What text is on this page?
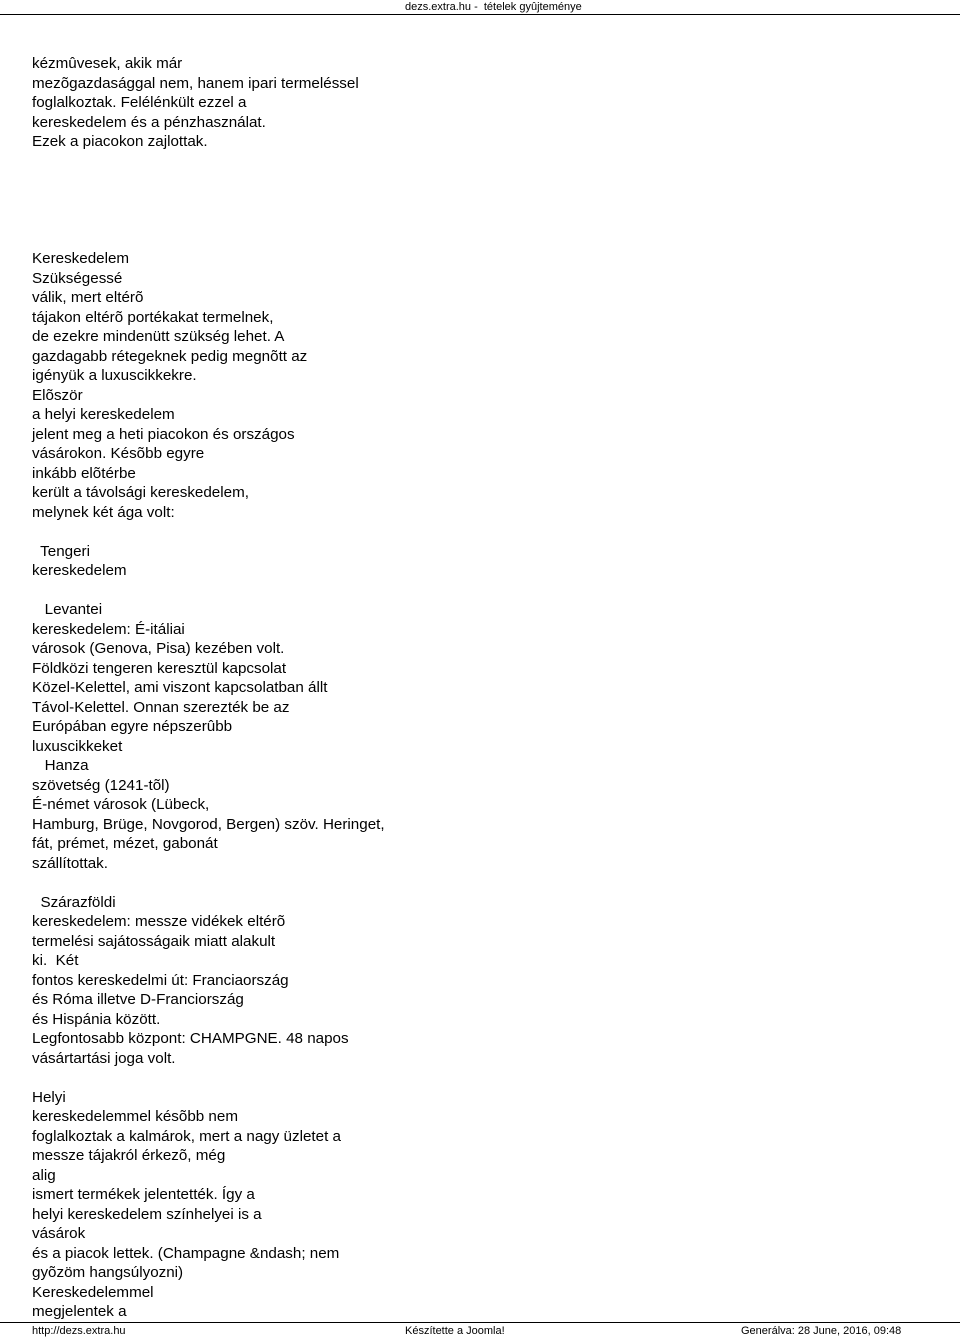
dezs.extra.hu -  tételek gyûjteménye
kézmûvesek, akik már
mezõgazdasággal nem, hanem ipari termeléssel
foglalkoztak. Felélénkült ezzel a
kereskedelem és a pénzhasználat.
Ezek a piacokon zajlottak.
Kereskedelem
Szükségessé
válik, mert eltérõ
tájakon eltérõ portékakat termelnek,
de ezekre mindenütt szükség lehet. A
gazdagabb rétegeknek pedig megnõtt az
igényük a luxuscikkekre.
Elõször
a helyi kereskedelem
jelent meg a heti piacokon és országos
vásárokon. Késõbb egyre
inkább elõtérbe
került a távolsági kereskedelem,
melynek két ága volt:
Tengeri
kereskedelem
Levantei
kereskedelem: É-itáliai
városok (Genova, Pisa) kezében volt.
Földközi tengeren keresztül kapcsolat
Közel-Kelettel, ami viszont kapcsolatban állt
Távol-Kelettel. Onnan szerezték be az
Európában egyre népszerûbb
luxuscikkeket
Hanza
szövetség (1241-tõl)
É-német városok (Lübeck,
Hamburg, Brüge, Novgorod, Bergen) szöv. Heringet,
fát, prémet, mézet, gabonát
szállítottak.
Szárazföldi
kereskedelem: messze vidékek eltérõ
termelési sajátosságaik miatt alakult
ki.  Két
fontos kereskedelmi út: Franciaország
és Róma illetve D-Franciország
és Hispánia között.
Legfontosabb központ: CHAMPGNE. 48 napos
vásártartási joga volt.
Helyi
kereskedelemmel késõbb nem
foglalkoztak a kalmárok, mert a nagy üzletet a
messze tájakról érkezõ, még
alig
ismert termékek jelentették. Így a
helyi kereskedelem színhelyei is a
vásárok
és a piacok lettek. (Champagne &ndash; nem
gyõzöm hangsúlyozni)
Kereskedelemmel
megjelentek a
http://dezs.extra.hu	Készítette a Joomla!	Generálva: 28 June, 2016, 09:48
